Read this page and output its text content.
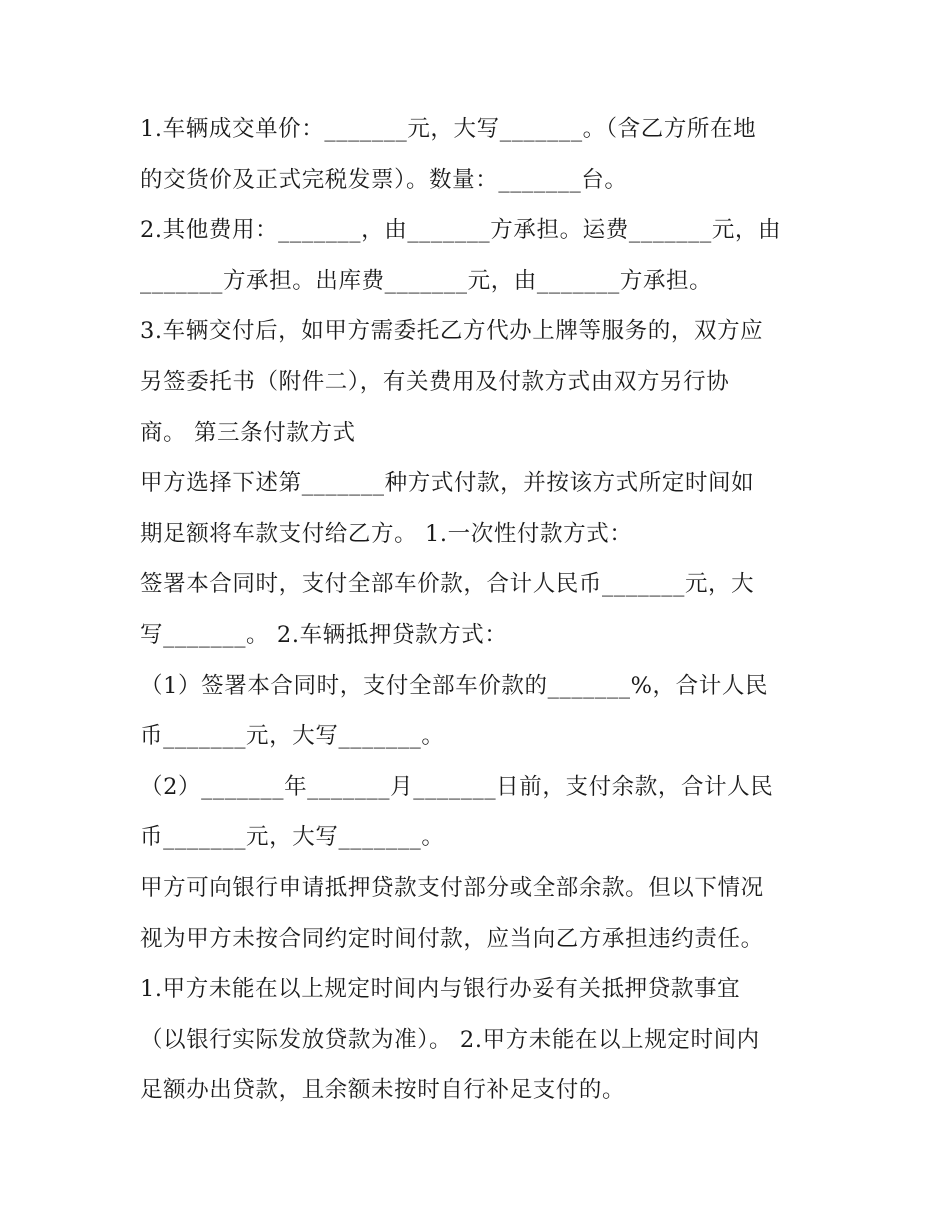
1.车辆成交单价：_______元，大写_______。（含乙方所在地
的交货价及正式完税发票）。数量：_______台。
2.其他费用：_______，由_______方承担。运费_______元，由
_______方承担。出库费_______元，由_______方承担。
3.车辆交付后，如甲方需委托乙方代办上牌等服务的，双方应
另签委托书（附件二），有关费用及付款方式由双方另行协
商。 第三条付款方式
甲方选择下述第_______种方式付款，并按该方式所定时间如
期足额将车款支付给乙方。 1.一次性付款方式：
签署本合同时，支付全部车价款，合计人民币_______元，大
写_______。 2.车辆抵押贷款方式：
（1）签署本合同时，支付全部车价款的_______%，合计人民
币_______元，大写_______。
（2）_______年_______月_______日前，支付余款，合计人民
币_______元，大写_______。
甲方可向银行申请抵押贷款支付部分或全部余款。但以下情况
视为甲方未按合同约定时间付款，应当向乙方承担违约责任。
1.甲方未能在以上规定时间内与银行办妥有关抵押贷款事宜
（以银行实际发放贷款为准）。 2.甲方未能在以上规定时间内
足额办出贷款，且余额未按时自行补足支付的。
